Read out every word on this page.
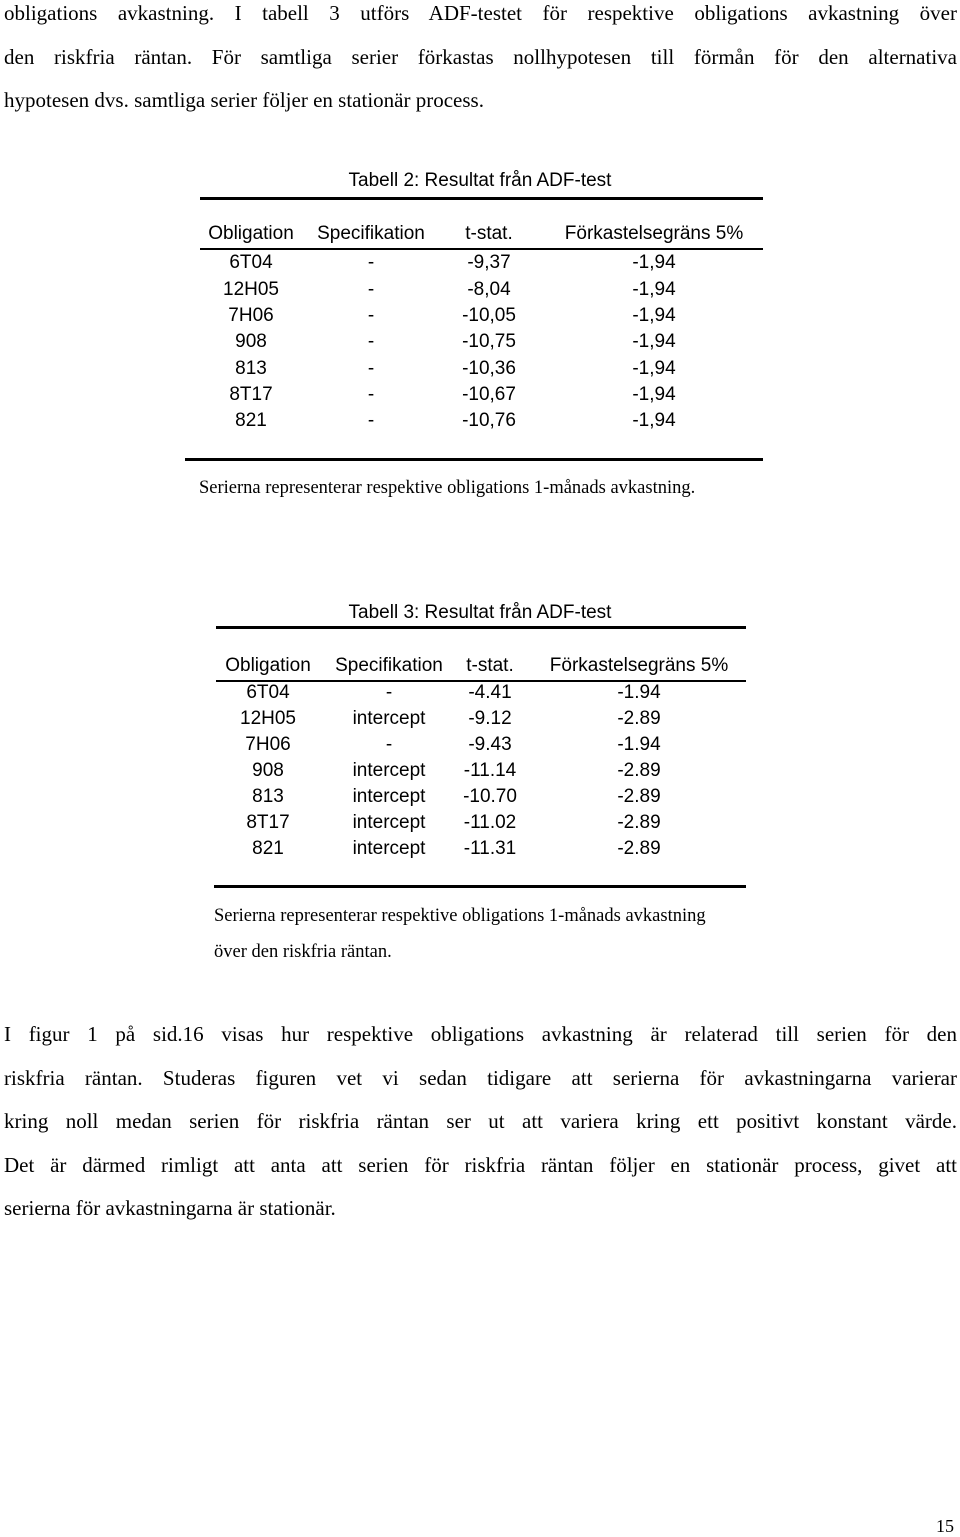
obligations avkastning. I tabell 3 utförs ADF-testet för respektive obligations avkastning över
den riskfria räntan. För samtliga serier förkastas nollhypotesen till förmån för den alternativa
hypotesen dvs. samtliga serier följer en stationär process.
Tabell 2: Resultat från ADF-test
Obligation	Specifikation	t-stat.	Förkastelsegräns 5%
6T04	-	-9,37	-1,94
12H05	-	-8,04	-1,94
7H06	-	-10,05	-1,94
908	-	-10,75	-1,94
813	-	-10,36	-1,94
8T17	-	-10,67	-1,94
821	-	-10,76	-1,94
Serierna representerar respektive obligations 1-månads avkastning.
Tabell 3: Resultat från ADF-test
Obligation	Specifikation	t-stat.	Förkastelsegräns 5%
6T04	-	-4.41	-1.94
12H05	intercept	-9.12	-2.89
7H06	-	-9.43	-1.94
908	intercept	-11.14	-2.89
813	intercept	-10.70	-2.89
8T17	intercept	-11.02	-2.89
821	intercept	-11.31	-2.89
Serierna representerar respektive obligations 1-månads avkastning
över den riskfria räntan.
I figur 1 på sid.16 visas hur respektive obligations avkastning är relaterad till serien för den
riskfria räntan. Studeras figuren vet vi sedan tidigare att serierna för avkastningarna varierar
kring noll medan serien för riskfria räntan ser ut att variera kring ett positivt konstant värde.
Det är därmed rimligt att anta att serien för riskfria räntan följer en stationär process, givet att
serierna för avkastningarna är stationär.
15
